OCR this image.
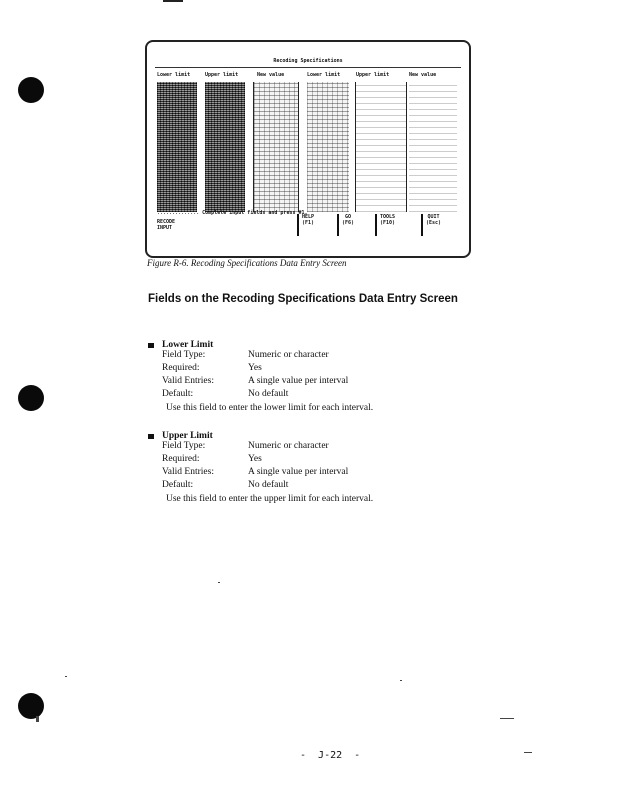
Recoding Specifications
Lower limit	Upper limit	New value	Lower limit	Upper limit	New value
.............. Complete input fields and press #1.
RECODE
INPUT
HELP
(F1)
GO
(F6)
TOOLS
(F10)
QUIT
(Esc)
Figure R-6. Recoding Specifications Data Entry Screen
Fields on the Recoding Specifications Data Entry Screen
Lower Limit
Field Type:	Numeric or character
Required:	Yes
Valid Entries:	A single value per interval
Default:	No default
Use this field to enter the lower limit for each interval.
Upper Limit
Field Type:	Numeric or character
Required:	Yes
Valid Entries:	A single value per interval
Default:	No default
Use this field to enter the upper limit for each interval.
-  J-22  -
